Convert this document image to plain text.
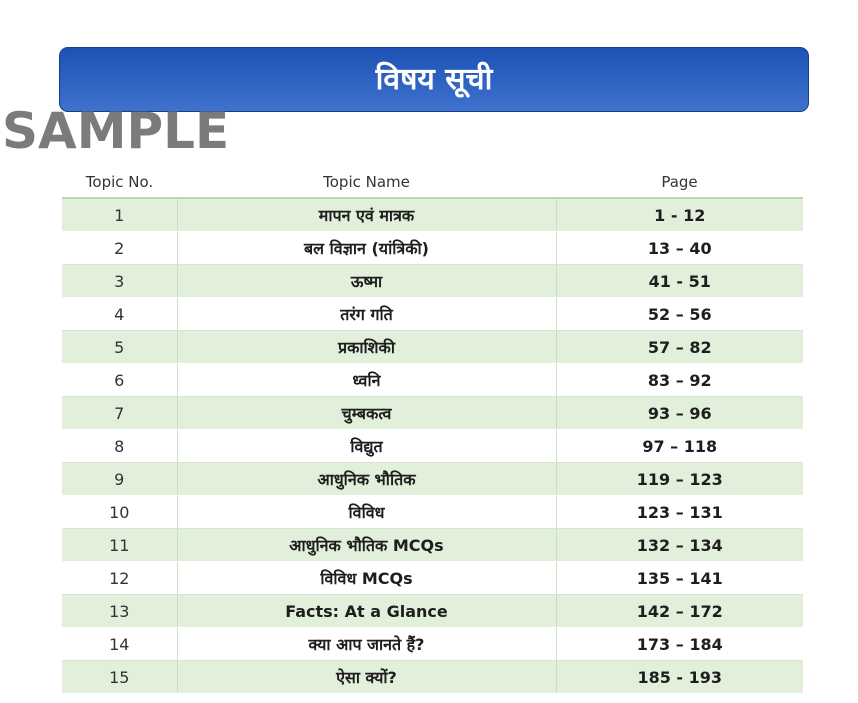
विषय सूची
SAMPLE
Topic No.	Topic Name	Page
1	मापन एवं मात्रक	1 - 12
2	बल विज्ञान (यांत्रिकी)	13 – 40
3	ऊष्मा	41 - 51
4	तरंग गति	52 – 56
5	प्रकाशिकी	57 – 82
6	ध्वनि	83 – 92
7	चुम्बकत्व	93 – 96
8	विद्युत	97 – 118
9	आधुनिक भौतिक	119 – 123
10	विविध	123 – 131
11	आधुनिक भौतिक MCQs	132 – 134
12	विविध MCQs	135 – 141
13	Facts: At a Glance	142 – 172
14	क्या आप जानते हैं?	173 – 184
15	ऐसा क्यों?	185 - 193
